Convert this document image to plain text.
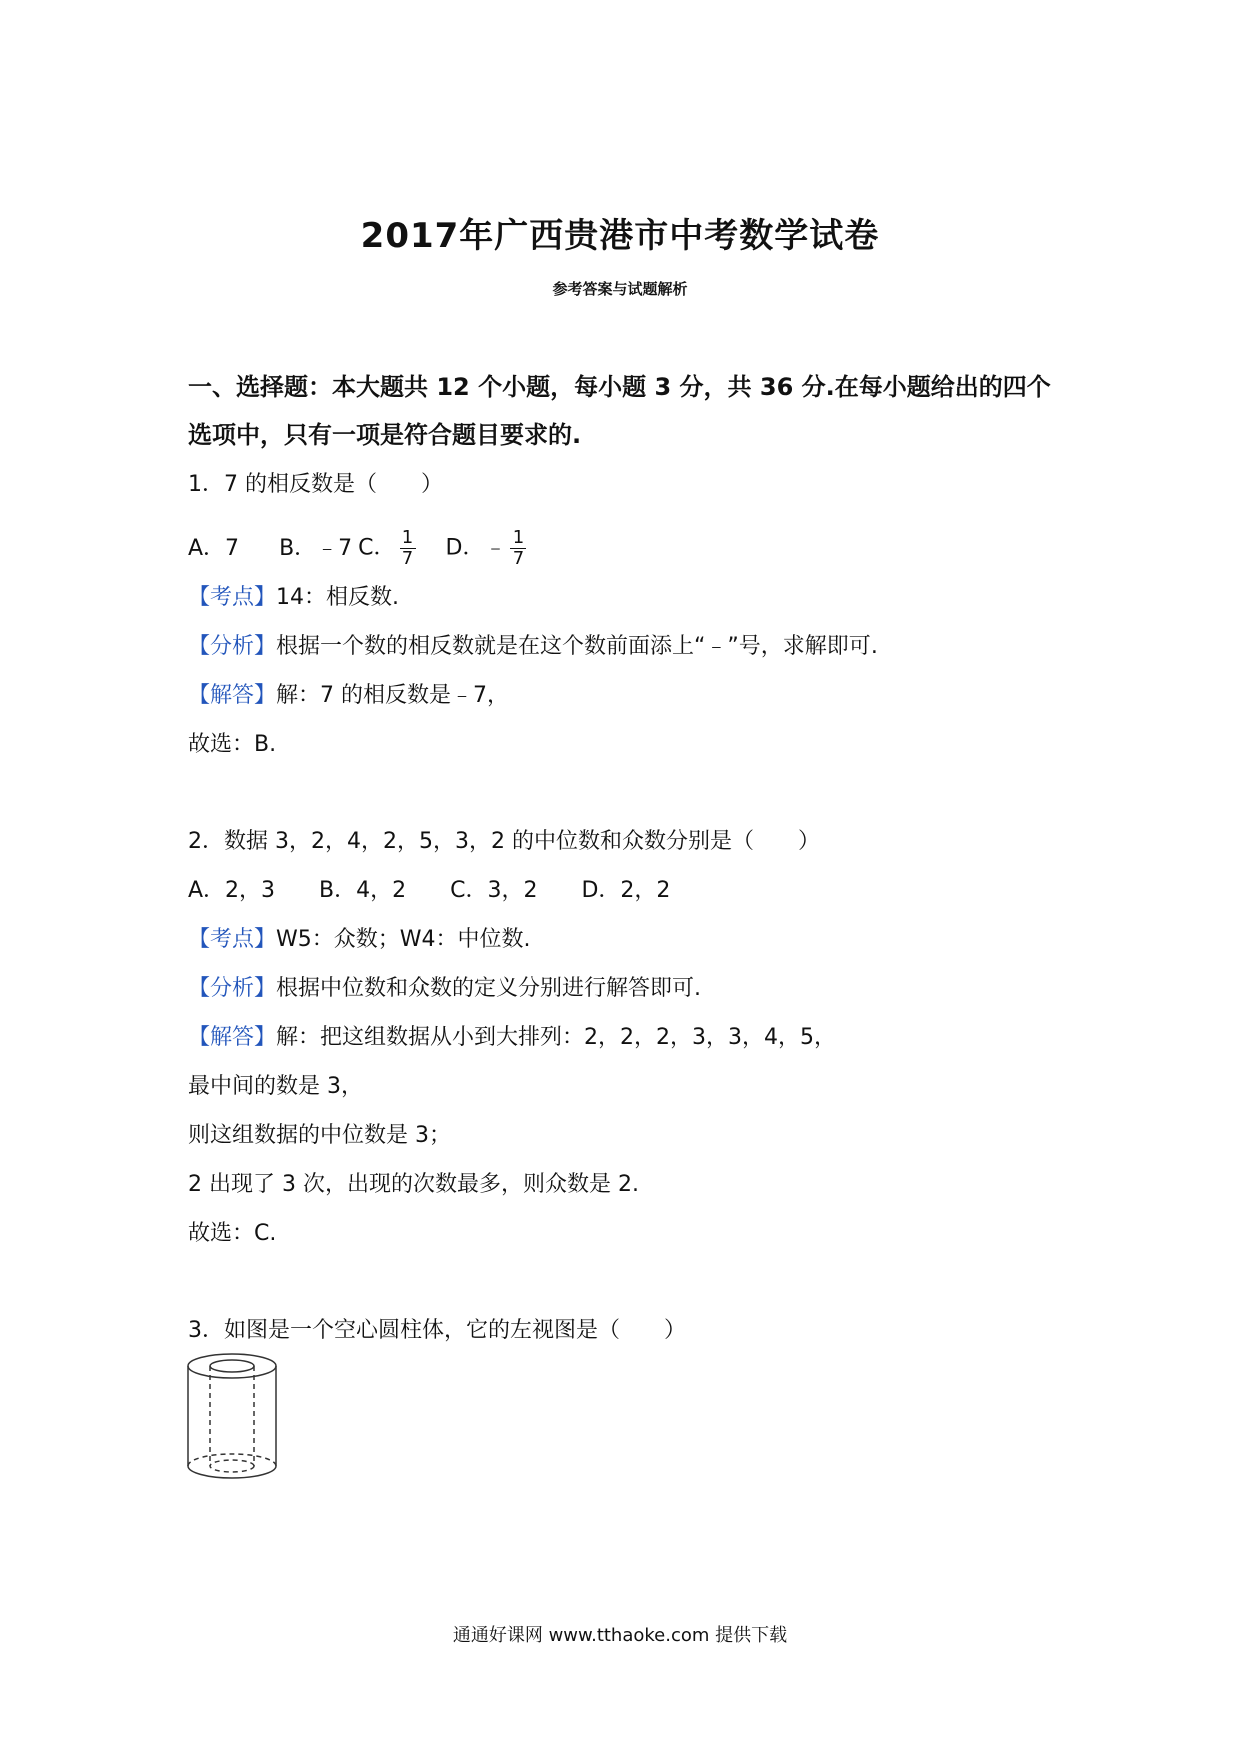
2017年广西贵港市中考数学试卷

参考答案与试题解析

一、选择题：本大题共 12 个小题，每小题 3 分，共 36 分.在每小题给出的四个
选项中，只有一项是符合题目要求的.
1．7 的相反数是（　　）
A．7 B．﹣7 C． $\frac{1}{7}$ D．﹣ $\frac{1}{7}$
【考点】14：相反数.
【分析】根据一个数的相反数就是在这个数前面添上“﹣”号，求解即可.
【解答】解：7 的相反数是﹣7，
故选：B.
2．数据 3，2，4，2，5，3，2 的中位数和众数分别是（　　）
A．2，3　　B．4，2　　C．3，2　　D．2，2
【考点】W5：众数；W4：中位数.
【分析】根据中位数和众数的定义分别进行解答即可.
【解答】解：把这组数据从小到大排列：2，2，2，3，3，4，5，
最中间的数是 3，
则这组数据的中位数是 3；
2 出现了 3 次，出现的次数最多，则众数是 2.
故选：C.
3．如图是一个空心圆柱体，它的左视图是（　　）
通通好课网 www.tthaoke.com 提供下载
